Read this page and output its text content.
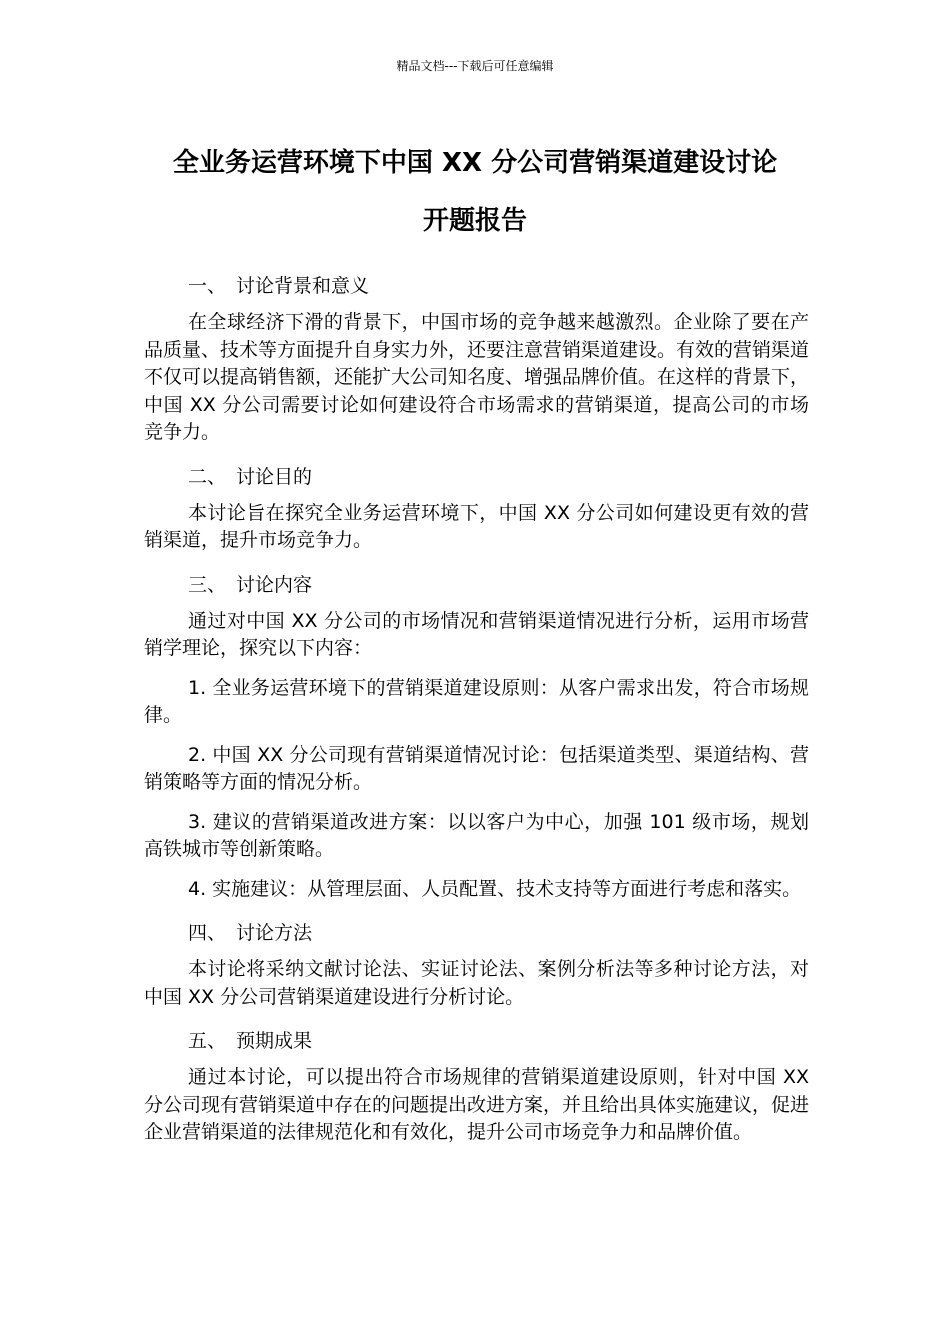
精品文档---下载后可任意编辑
全业务运营环境下中国 XX 分公司营销渠道建设讨论
开题报告
一、 讨论背景和意义

在全球经济下滑的背景下，中国市场的竞争越来越激烈。企业除了要在产品质量、技术等方面提升自身实力外，还要注意营销渠道建设。有效的营销渠道不仅可以提高销售额，还能扩大公司知名度、增强品牌价值。在这样的背景下，中国 XX 分公司需要讨论如何建设符合市场需求的营销渠道，提高公司的市场竞争力。

二、 讨论目的

本讨论旨在探究全业务运营环境下，中国 XX 分公司如何建设更有效的营销渠道，提升市场竞争力。

三、 讨论内容

通过对中国 XX 分公司的市场情况和营销渠道情况进行分析，运用市场营销学理论，探究以下内容：

1. 全业务运营环境下的营销渠道建设原则：从客户需求出发，符合市场规律。

2. 中国 XX 分公司现有营销渠道情况讨论：包括渠道类型、渠道结构、营销策略等方面的情况分析。

3. 建议的营销渠道改进方案：以以客户为中心，加强 101 级市场，规划高铁城市等创新策略。

4. 实施建议：从管理层面、人员配置、技术支持等方面进行考虑和落实。

四、 讨论方法

本讨论将采纳文献讨论法、实证讨论法、案例分析法等多种讨论方法，对中国 XX 分公司营销渠道建设进行分析讨论。

五、 预期成果

通过本讨论，可以提出符合市场规律的营销渠道建设原则，针对中国 XX 分公司现有营销渠道中存在的问题提出改进方案，并且给出具体实施建议，促进企业营销渠道的法律规范化和有效化，提升公司市场竞争力和品牌价值。
